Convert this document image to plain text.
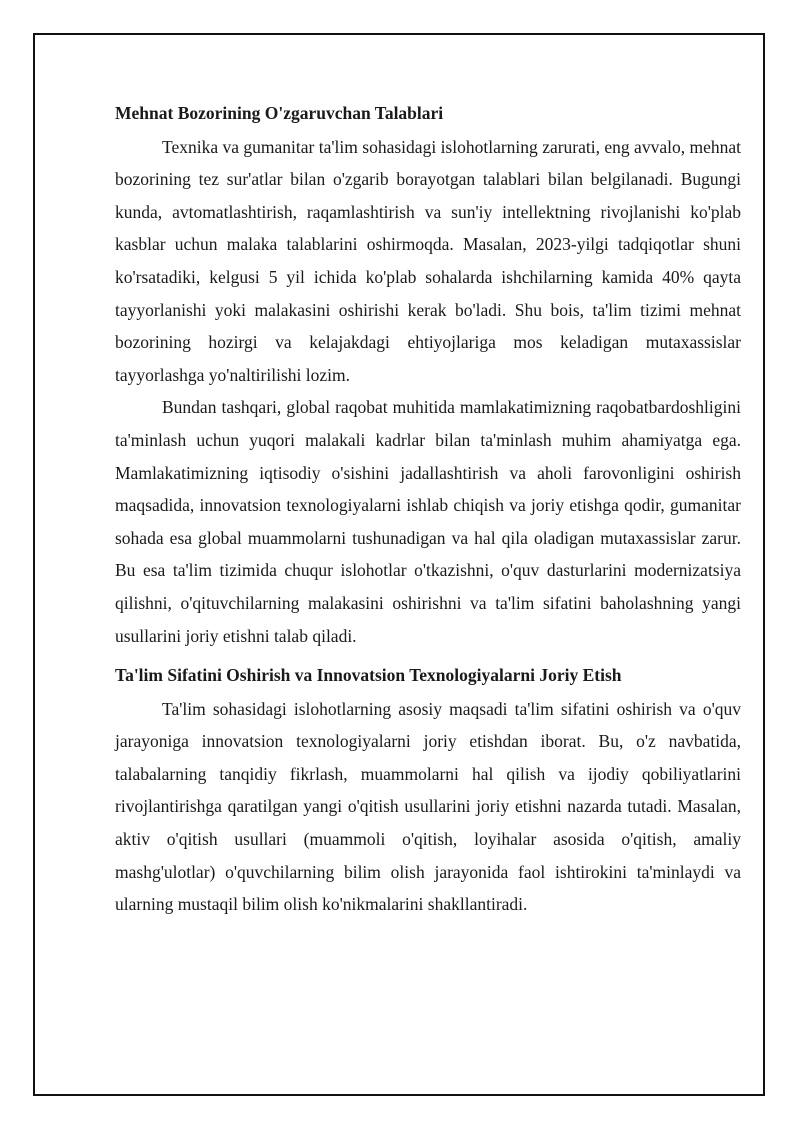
Mehnat Bozorining O'zgaruvchan Talablari

Texnika va gumanitar ta'lim sohasidagi islohotlarning zarurati, eng avvalo, mehnat bozorining tez sur'atlar bilan o'zgarib borayotgan talablari bilan belgilanadi. Bugungi kunda, avtomatlashtirish, raqamlashtirish va sun'iy intellektning rivojlanishi ko'plab kasblar uchun malaka talablarini oshirmoqda. Masalan, 2023-yilgi tadqiqotlar shuni ko'rsatadiki, kelgusi 5 yil ichida ko'plab sohalarda ishchilarning kamida 40% qayta tayyorlanishi yoki malakasini oshirishi kerak bo'ladi. Shu bois, ta'lim tizimi mehnat bozorining hozirgi va kelajakdagi ehtiyojlariga mos keladigan mutaxassislar tayyorlashga yo'naltirilishi lozim.

Bundan tashqari, global raqobat muhitida mamlakatimizning raqobatbardoshligini ta'minlash uchun yuqori malakali kadrlar bilan ta'minlash muhim ahamiyatga ega. Mamlakatimizning iqtisodiy o'sishini jadallashtirish va aholi farovonligini oshirish maqsadida, innovatsion texnologiyalarni ishlab chiqish va joriy etishga qodir, gumanitar sohada esa global muammolarni tushunadigan va hal qila oladigan mutaxassislar zarur. Bu esa ta'lim tizimida chuqur islohotlar o'tkazishni, o'quv dasturlarini modernizatsiya qilishni, o'qituvchilarning malakasini oshirishni va ta'lim sifatini baholashning yangi usullarini joriy etishni talab qiladi.

Ta'lim Sifatini Oshirish va Innovatsion Texnologiyalarni Joriy Etish

Ta'lim sohasidagi islohotlarning asosiy maqsadi ta'lim sifatini oshirish va o'quv jarayoniga innovatsion texnologiyalarni joriy etishdan iborat. Bu, o'z navbatida, talabalarning tanqidiy fikrlash, muammolarni hal qilish va ijodiy qobiliyatlarini rivojlantirishga qaratilgan yangi o'qitish usullarini joriy etishni nazarda tutadi. Masalan, aktiv o'qitish usullari (muammoli o'qitish, loyihalar asosida o'qitish, amaliy mashg'ulotlar) o'quvchilarning bilim olish jarayonida faol ishtirokini ta'minlaydi va ularning mustaqil bilim olish ko'nikmalarini shakllantiradi.
